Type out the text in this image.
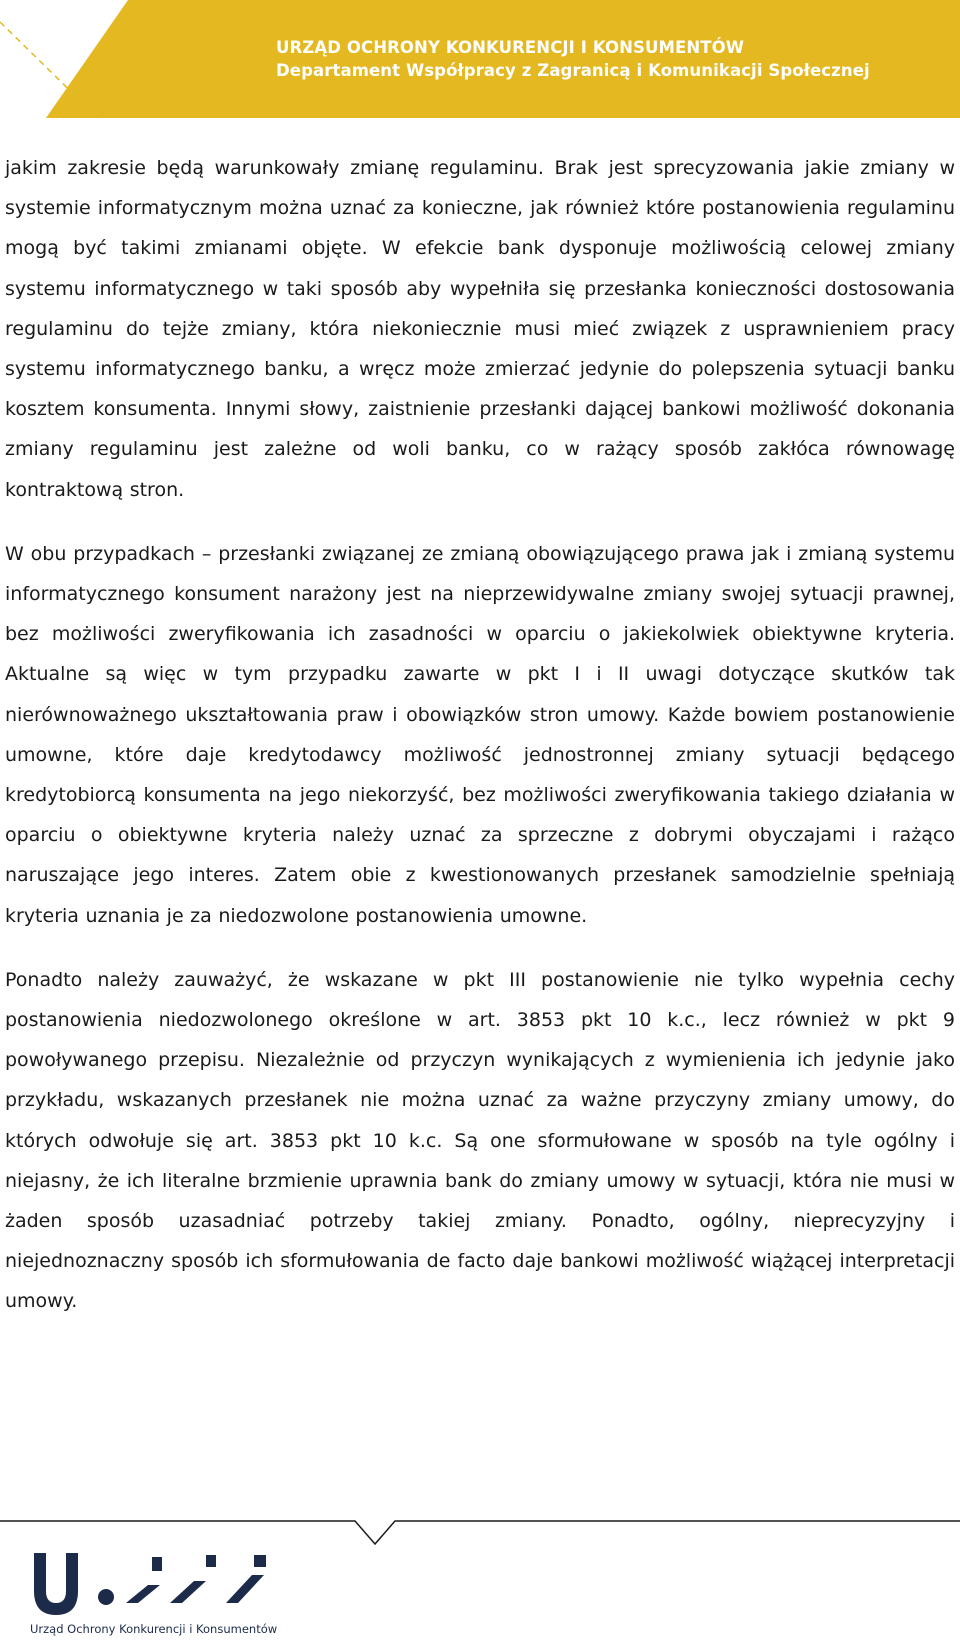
URZĄD OCHRONY KONKURENCJI I KONSUMENTÓW
Departament Współpracy z Zagranicą i Komunikacji Społecznej

jakim zakresie będą warunkowały zmianę regulaminu. Brak jest sprecyzowania jakie zmiany w systemie informatycznym można uznać za konieczne, jak również które postanowienia regulaminu mogą być takimi zmianami objęte. W efekcie bank dysponuje możliwością celowej zmiany systemu informatycznego w taki sposób aby wypełniła się przesłanka konieczności dostosowania regulaminu do tejże zmiany, która niekoniecznie musi mieć związek z usprawnieniem pracy systemu informatycznego banku, a wręcz może zmierzać jedynie do polepszenia sytuacji banku kosztem konsumenta. Innymi słowy, zaistnienie przesłanki dającej bankowi możliwość dokonania zmiany regulaminu jest zależne od woli banku, co w rażący sposób zakłóca równowagę kontraktową stron.

W obu przypadkach – przesłanki związanej ze zmianą obowiązującego prawa jak i zmianą systemu informatycznego konsument narażony jest na nieprzewidywalne zmiany swojej sytuacji prawnej, bez możliwości zweryfikowania ich zasadności w oparciu o jakiekolwiek obiektywne kryteria. Aktualne są więc w tym przypadku zawarte w pkt I i II uwagi dotyczące skutków tak nierównoważnego ukształtowania praw i obowiązków stron umowy. Każde bowiem postanowienie umowne, które daje kredytodawcy możliwość jednostronnej zmiany sytuacji będącego kredytobiorcą konsumenta na jego niekorzyść, bez możliwości zweryfikowania takiego działania w oparciu o obiektywne kryteria należy uznać za sprzeczne z dobrymi obyczajami i rażąco naruszające jego interes. Zatem obie z kwestionowanych przesłanek samodzielnie spełniają kryteria uznania je za niedozwolone postanowienia umowne.

Ponadto należy zauważyć, że wskazane w pkt III postanowienie nie tylko wypełnia cechy postanowienia niedozwolonego określone w art. 3853 pkt 10 k.c., lecz również w pkt 9 powoływanego przepisu. Niezależnie od przyczyn wynikających z wymienienia ich jedynie jako przykładu, wskazanych przesłanek nie można uznać za ważne przyczyny zmiany umowy, do których odwołuje się art. 3853 pkt 10 k.c. Są one sformułowane w sposób na tyle ogólny i niejasny, że ich literalne brzmienie uprawnia bank do zmiany umowy w sytuacji, która nie musi w żaden sposób uzasadniać potrzeby takiej zmiany. Ponadto, ogólny, nieprecyzyjny i niejednoznaczny sposób ich sformułowania de facto daje bankowi możliwość wiążącej interpretacji umowy.

Urząd Ochrony Konkurencji i Konsumentów
